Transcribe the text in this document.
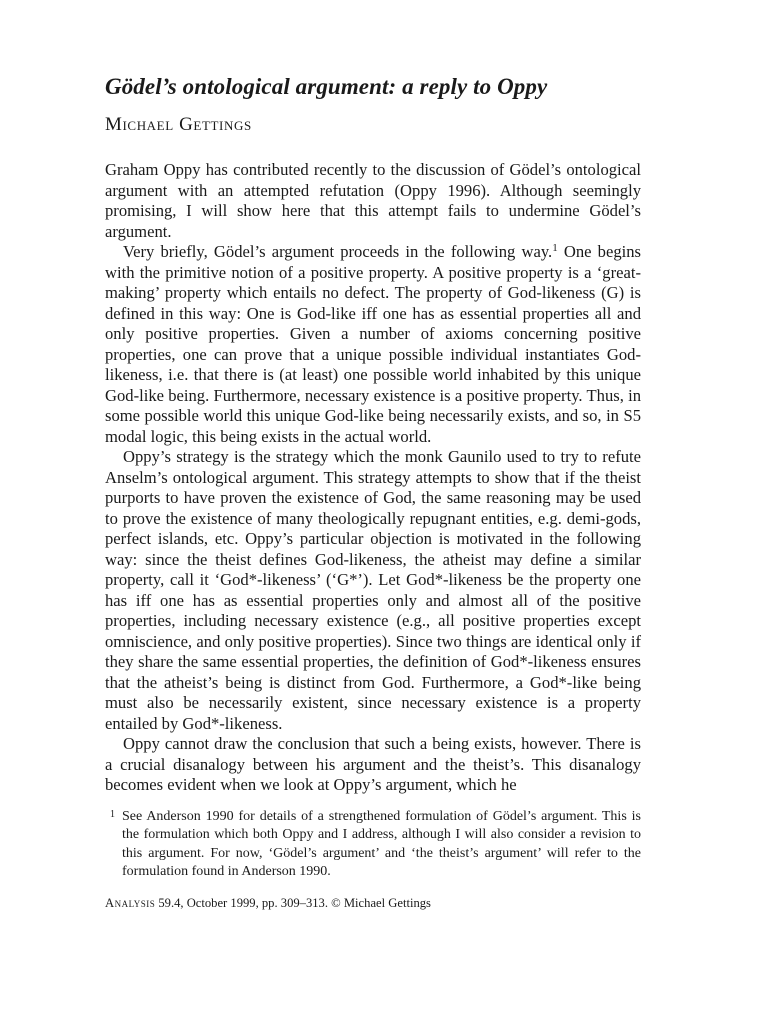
Gödel’s ontological argument: a reply to Oppy
Michael Gettings

Graham Oppy has contributed recently to the discussion of Gödel’s ontological argument with an attempted refutation (Oppy 1996). Although seemingly promising, I will show here that this attempt fails to undermine Gödel’s argument.

Very briefly, Gödel’s argument proceeds in the following way.$^1$ One begins with the primitive notion of a positive property. A positive property is a ‘great-making’ property which entails no defect. The property of God-likeness (G) is defined in this way: One is God-like iff one has as essential properties all and only positive properties. Given a number of axioms concerning positive properties, one can prove that a unique possible individual instantiates God-likeness, i.e. that there is (at least) one possible world inhabited by this unique God-like being. Furthermore, necessary existence is a positive property. Thus, in some possible world this unique God-like being necessarily exists, and so, in S5 modal logic, this being exists in the actual world.

Oppy’s strategy is the strategy which the monk Gaunilo used to try to refute Anselm’s ontological argument. This strategy attempts to show that if the theist purports to have proven the existence of God, the same reasoning may be used to prove the existence of many theologically repugnant entities, e.g. demi-gods, perfect islands, etc. Oppy’s particular objection is motivated in the following way: since the theist defines God-likeness, the atheist may define a similar property, call it ‘God*-likeness’ (‘G*’). Let God*-likeness be the property one has iff one has as essential properties only and almost all of the positive properties, including necessary existence (e.g., all positive properties except omniscience, and only positive properties). Since two things are identical only if they share the same essential properties, the definition of God*-likeness ensures that the atheist’s being is distinct from God. Furthermore, a God*-like being must also be necessarily existent, since necessary existence is a property entailed by God*-likeness.

Oppy cannot draw the conclusion that such a being exists, however. There is a crucial disanalogy between his argument and the theist’s. This disanalogy becomes evident when we look at Oppy’s argument, which he

1 See Anderson 1990 for details of a strengthened formulation of Gödel’s argument. This is the formulation which both Oppy and I address, although I will also consider a revision to this argument. For now, ‘Gödel’s argument’ and ‘the theist’s argument’ will refer to the formulation found in Anderson 1990.
Analysis 59.4, October 1999, pp. 309–313. © Michael Gettings
